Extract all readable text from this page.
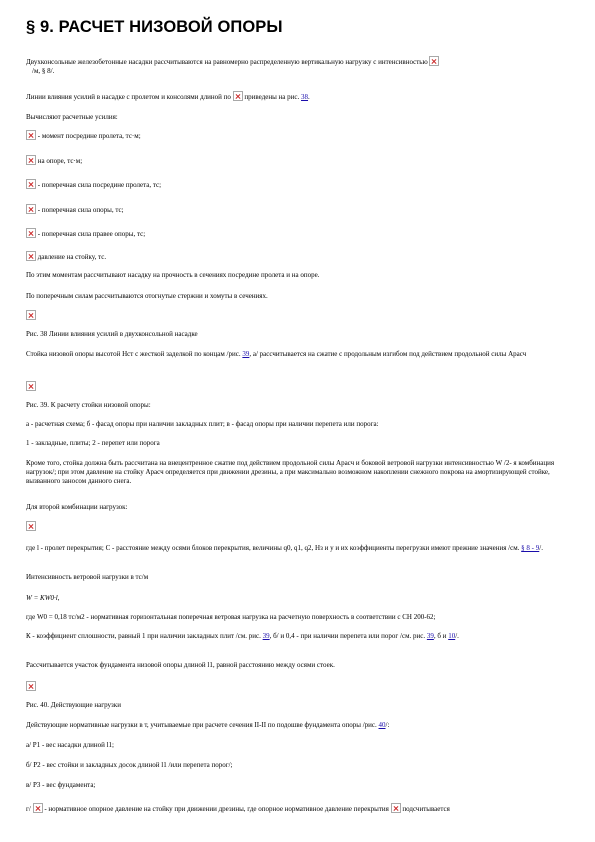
§ 9. РАСЧЕТ НИЗОВОЙ ОПОРЫ

Двухконсольные железобетонные насадки рассчитываются на равномерно распределенную вертикальную нагрузку с интенсивностью
/м, § 8/.

Линии влияния усилий в насадке с пролетом и консолями длиной по приведены на рис. 38.

Вычисляют расчетные усилия:

- момент посредине пролета, тс·м;

на опоре, тс·м;

- поперечная сила посредине пролета, тс;

- поперечная сила опоры, тс;

- поперечная сила правее опоры, тс;

давление на стойку, тс.

По этим моментам рассчитывают насадку на прочность в сечениях посредине пролета и на опоре.

По поперечным силам рассчитываются отогнутые стержни и хомуты в сечениях.

Рис. 38 Линии влияния усилий в двухконсольной насадке

Стойка низовой опоры высотой Нст с жесткой заделкой по концам /рис. 39, а/ рассчитывается на сжатие с продольным изгибом под действием продольной силы Арасч

Рис. 39. К расчету стойки низовой опоры:

а - расчетная схема; б - фасад опоры при наличии закладных плит; в - фасад опоры при наличии перепета или порога:

1 - закладные, плиты; 2 - перепет или порога

Кроме того, стойка должна быть рассчитана на внецентренное сжатие под действием продольной силы Арасч и боковой ветровой нагрузки интенсивностью W /2- я комбинация нагрузок/; при этом давление на стойку Арасч определяется при движении дрезины, а при максимально возможном накоплении снежного покрова на амортизирующей стойке, вызванного заносом данного снега.

Для второй комбинации нагрузок:

где l - пролет перекрытия; С - расстояние между осями блоков перекрытия, величины q0, q1, q2, Нз и у и их коэффициенты перегрузки имеют прежние значения /см. § 8 - 9/.

Интенсивность ветровой нагрузки в тс/м

W = KW0·l,

где W0 = 0,18 тс/м2 - нормативная горизонтальная поперечная ветровая нагрузка на расчетную поверхность в соответствии с СН 200-62;

К - коэффициент сплошности, равный 1 при наличии закладных плит /см. рис. 39, б/ и 0,4 - при наличии перепета или порог /см. рис. 39, б и 10/.

Рассчитывается участок фундамента низовой опоры длиной l1, равной расстоянию между осями стоек.

Рис. 40. Действующие нагрузки

Действующие нормативные нагрузки в т, учитываемые при расчете сечения II-II по подошве фундамента опоры /рис. 40/:

а/ P1 - вес насадки длиной l1;

б/ P2 - вес стойки и закладных досок длиной l1 /или перепета порог/;

в/ P3 - вес фундамента;

г/ - нормативное опорное давление на стойку при движении дрезины, где опорное нормативное давление перекрытия подсчитывается
